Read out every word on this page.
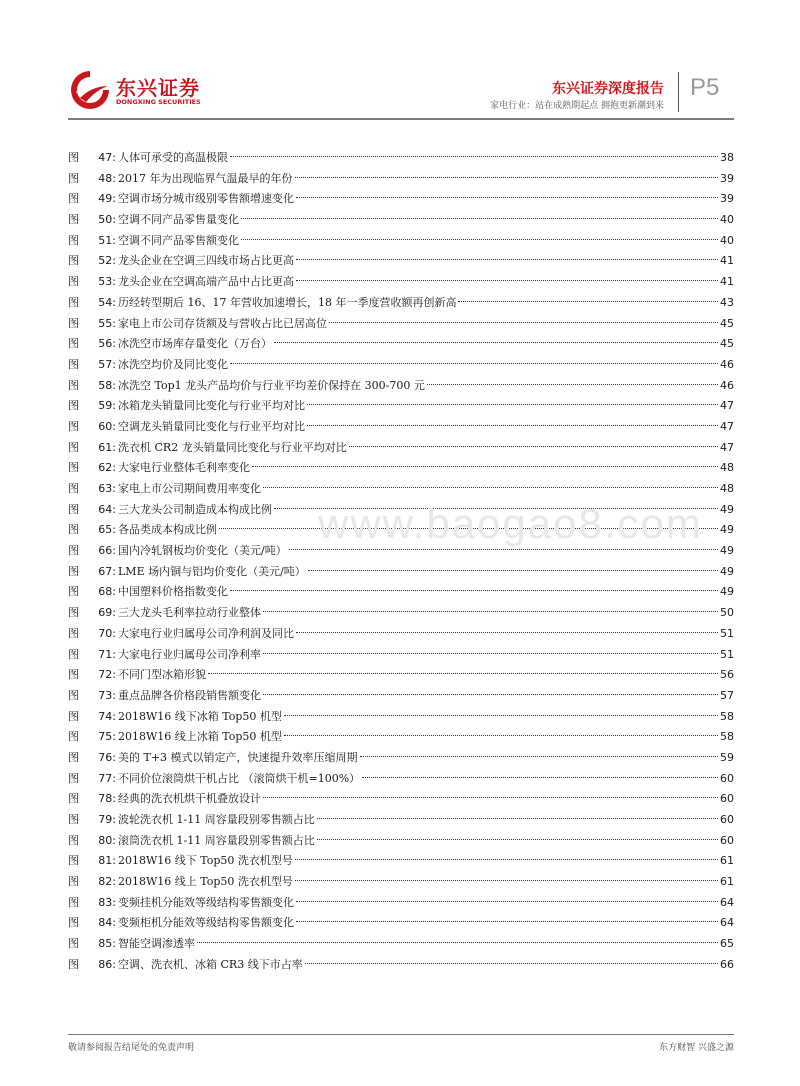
东兴证券
DONGXING SECURITIES
东兴证券深度报告
家电行业：站在成熟期起点 拥抱更新潮到来
P5
图	47: 人体可承受的高温极限	38
图	48: 2017 年为出现临界气温最早的年份	39
图	49: 空调市场分城市级别零售额增速变化	39
图	50: 空调不同产品零售量变化	40
图	51: 空调不同产品零售额变化	40
图	52: 龙头企业在空调三四线市场占比更高	41
图	53: 龙头企业在空调高端产品中占比更高	41
图	54: 历经转型期后 16、17 年营收加速增长，18 年一季度营收额再创新高	43
图	55: 家电上市公司存货额及与营收占比已居高位	45
图	56: 冰洗空市场库存量变化（万台）	45
图	57: 冰洗空均价及同比变化	46
图	58: 冰洗空 Top1 龙头产品均价与行业平均差价保持在 300-700 元	46
图	59: 冰箱龙头销量同比变化与行业平均对比	47
图	60: 空调龙头销量同比变化与行业平均对比	47
图	61: 洗衣机 CR2 龙头销量同比变化与行业平均对比	47
图	62: 大家电行业整体毛利率变化	48
图	63: 家电上市公司期间费用率变化	48
图	64: 三大龙头公司制造成本构成比例	49
图	65: 各品类成本构成比例	49
图	66: 国内冷轧钢板均价变化（美元/吨）	49
图	67: LME 场内铜与铝均价变化（美元/吨）	49
图	68: 中国塑料价格指数变化	49
图	69: 三大龙头毛利率拉动行业整体	50
图	70: 大家电行业归属母公司净利润及同比	51
图	71: 大家电行业归属母公司净利率	51
图	72: 不同门型冰箱形貌	56
图	73: 重点品牌各价格段销售额变化	57
图	74: 2018W16 线下冰箱 Top50 机型	58
图	75: 2018W16 线上冰箱 Top50 机型	58
图	76: 美的 T+3 模式以销定产，快速提升效率压缩周期	59
图	77: 不同价位滚筒烘干机占比 （滚筒烘干机=100%）	60
图	78: 经典的洗衣机烘干机叠放设计	60
图	79: 波轮洗衣机 1-11 周容量段别零售额占比	60
图	80: 滚筒洗衣机 1-11 周容量段别零售额占比	60
图	81: 2018W16 线下 Top50 洗衣机型号	61
图	82: 2018W16 线上 Top50 洗衣机型号	61
图	83: 变频挂机分能效等级结构零售额变化	64
图	84: 变频柜机分能效等级结构零售额变化	64
图	85: 智能空调渗透率	65
图	86: 空调、洗衣机、冰箱 CR3 线下市占率	66
www.baogao8.com
敬请参阅报告结尾处的免责声明	东方财智 兴盛之源
